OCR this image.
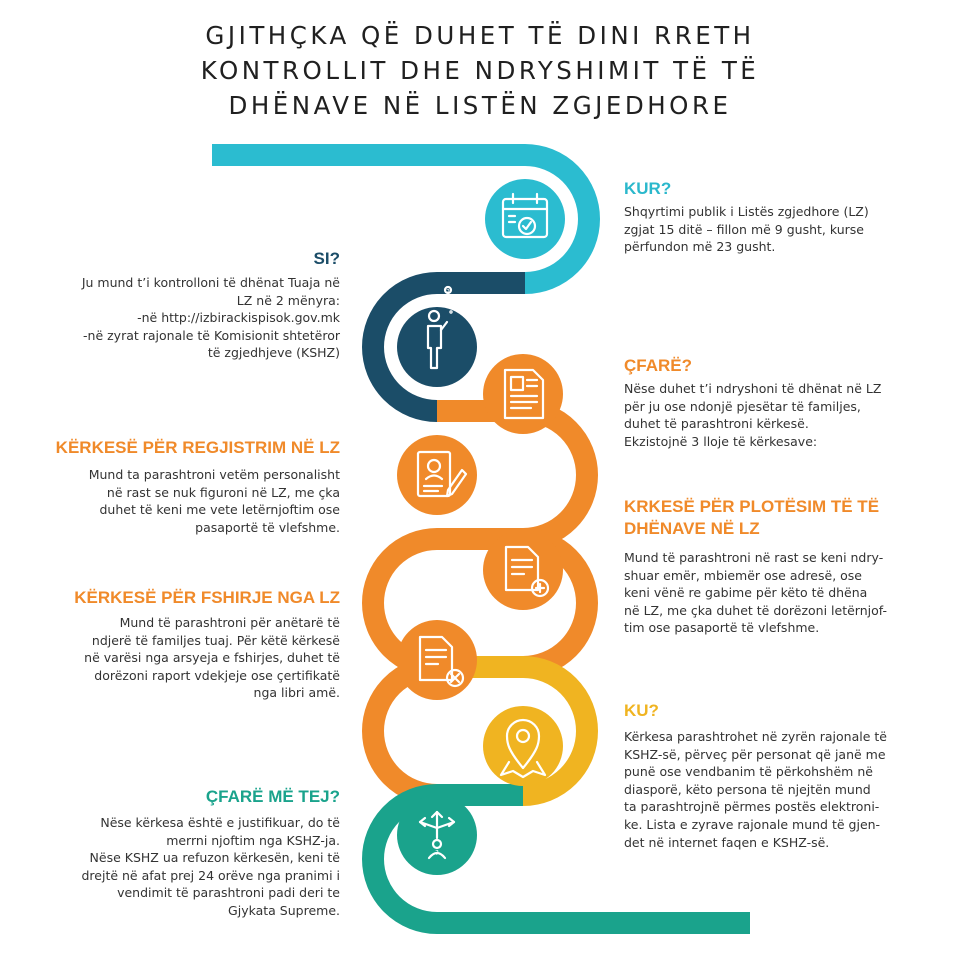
GJITHÇKA QË DUHET TË DINI RRETH
KONTROLLIT DHE NDRYSHIMIT TË TË
DHËNAVE NË LISTËN ZGJEDHORE
?
?
KUR?
Shqyrtimi publik i Listës zgjedhore (LZ)
zgjat 15 ditë – fillon më 9 gusht, kurse
përfundon më 23 gusht.
SI?
Ju mund t’i kontrolloni të dhënat Tuaja në
LZ në 2 mënyra:
-në http://izbirackispisok.gov.mk
-në zyrat rajonale të Komisionit shtetëror
të zgjedhjeve (KSHZ)
ÇFARË?
Nëse duhet t’i ndryshoni të dhënat në LZ
për ju ose ndonjë pjesëtar të familjes,
duhet të parashtroni kërkesë.
Ekzistojnë 3 lloje të kërkesave:
KËRKESË PËR REGJISTRIM NË LZ
Mund ta parashtroni vetëm personalisht
në rast se nuk figuroni në LZ, me çka
duhet të keni me vete letërnjoftim ose
pasaportë të vlefshme.
KRKESË PËR PLOTËSIM TË TË
DHËNAVE NË LZ
Mund të parashtroni në rast se keni ndry-
shuar emër, mbiemër ose adresë, ose
keni vënë re gabime për këto të dhëna
në LZ, me çka duhet të dorëzoni letërnjof-
tim ose pasaportë të vlefshme.
KËRKESË PËR FSHIRJE NGA LZ
Mund të parashtroni për anëtarë të
ndjerë të familjes tuaj. Për këtë kërkesë
në varësi nga arsyeja e fshirjes, duhet të
dorëzoni raport vdekjeje ose çertifikatë
nga libri amë.
KU?
Kërkesa parashtrohet në zyrën rajonale të
KSHZ-së, përveç për personat që janë me
punë ose vendbanim të përkohshëm në
diasporë, këto persona të njejtën mund
ta parashtrojnë përmes postës elektroni-
ke. Lista e zyrave rajonale mund të gjen-
det në internet faqen e KSHZ-së.
ÇFARË MË TEJ?
Nëse kërkesa është e justifikuar, do të
merrni njoftim nga KSHZ-ja.
Nëse KSHZ ua refuzon kërkesën, keni të
drejtë në afat prej 24 orëve nga pranimi i
vendimit të parashtroni padi deri te
Gjykata Supreme.
